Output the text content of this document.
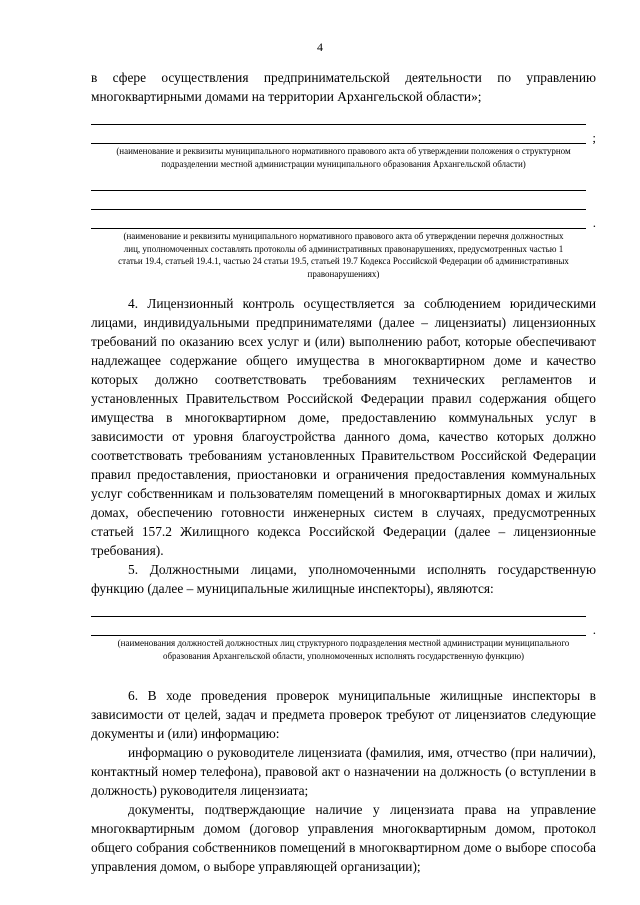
4

в сфере осуществления предпринимательской деятельности по управлению многоквартирными домами на территории Архангельской области»;

;
(наименование и реквизиты муниципального нормативного правового акта об утверждении положения о структурном подразделении местной администрации муниципального образования Архангельской области)
.
(наименование и реквизиты муниципального нормативного правового акта об утверждении перечня должностных лиц, уполномоченных составлять протоколы об административных правонарушениях, предусмотренных частью 1 статьи 19.4, статьей 19.4.1, частью 24 статьи 19.5, статьей 19.7 Кодекса Российской Федерации об административных правонарушениях)

4. Лицензионный контроль осуществляется за соблюдением юридическими лицами, индивидуальными предпринимателями (далее – лицензиаты) лицензионных требований по оказанию всех услуг и (или) выполнению работ, которые обеспечивают надлежащее содержание общего имущества в многоквартирном доме и качество которых должно соответствовать требованиям технических регламентов и установленных Правительством Российской Федерации правил содержания общего имущества в многоквартирном доме, предоставлению коммунальных услуг в зависимости от уровня благоустройства данного дома, качество которых должно соответствовать требованиям установленных Правительством Российской Федерации правил предоставления, приостановки и ограничения предоставления коммунальных услуг собственникам и пользователям помещений в многоквартирных домах и жилых домах, обеспечению готовности инженерных систем в случаях, предусмотренных статьей 157.2 Жилищного кодекса Российской Федерации (далее – лицензионные требования).

5. Должностными лицами, уполномоченными исполнять государственную функцию (далее – муниципальные жилищные инспекторы), являются:

.
(наименования должностей должностных лиц структурного подразделения местной администрации муниципального образования Архангельской области, уполномоченных исполнять государственную функцию)

6. В ходе проведения проверок муниципальные жилищные инспекторы в зависимости от целей, задач и предмета проверок требуют от лицензиатов следующие документы и (или) информацию:

информацию о руководителе лицензиата (фамилия, имя, отчество (при наличии), контактный номер телефона), правовой акт о назначении на должность (о вступлении в должность) руководителя лицензиата;

документы, подтверждающие наличие у лицензиата права на управление многоквартирным домом (договор управления многоквартирным домом, протокол общего собрания собственников помещений в многоквартирном доме о выборе способа управления домом, о выборе управляющей организации);
